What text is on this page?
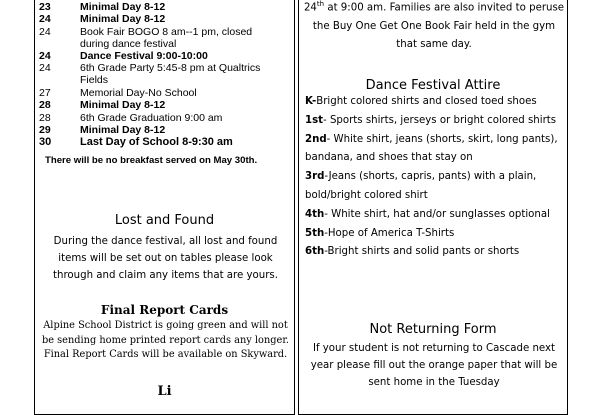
23	Minimal Day 8-12
24	Minimal Day 8-12
24	Book Fair BOGO 8 am--1 pm, closed during dance festival
24	Dance Festival 9:00-10:00
24	6th Grade Party 5:45-8 pm at Qualtrics Fields
27	Memorial Day-No School
28	Minimal Day 8-12
28	6th Grade Graduation 9:00 am
29	Minimal Day 8-12
30	Last Day of School 8-9:30 am
There will be no breakfast served on May 30th.
Lost and Found
During the dance festival, all lost and found items will be set out on tables please look through and claim any items that are yours.
Final Report Cards
Alpine School District is going green and will not be sending home printed report cards any longer. Final Report Cards will be available on Skyward.
Li
24th at 9:00 am. Families are also invited to peruse the Buy One Get One Book Fair held in the gym that same day.
Dance Festival Attire
K-Bright colored shirts and closed toed shoes
1st- Sports shirts, jerseys or bright colored shirts
2nd- White shirt, jeans (shorts, skirt, long pants), bandana, and shoes that stay on
3rd-Jeans (shorts, capris, pants) with a plain, bold/bright colored shirt
4th- White shirt, hat and/or sunglasses optional
5th-Hope of America T-Shirts
6th-Bright shirts and solid pants or shorts
Not Returning Form
If your student is not returning to Cascade next year please fill out the orange paper that will be sent home in the Tuesday
